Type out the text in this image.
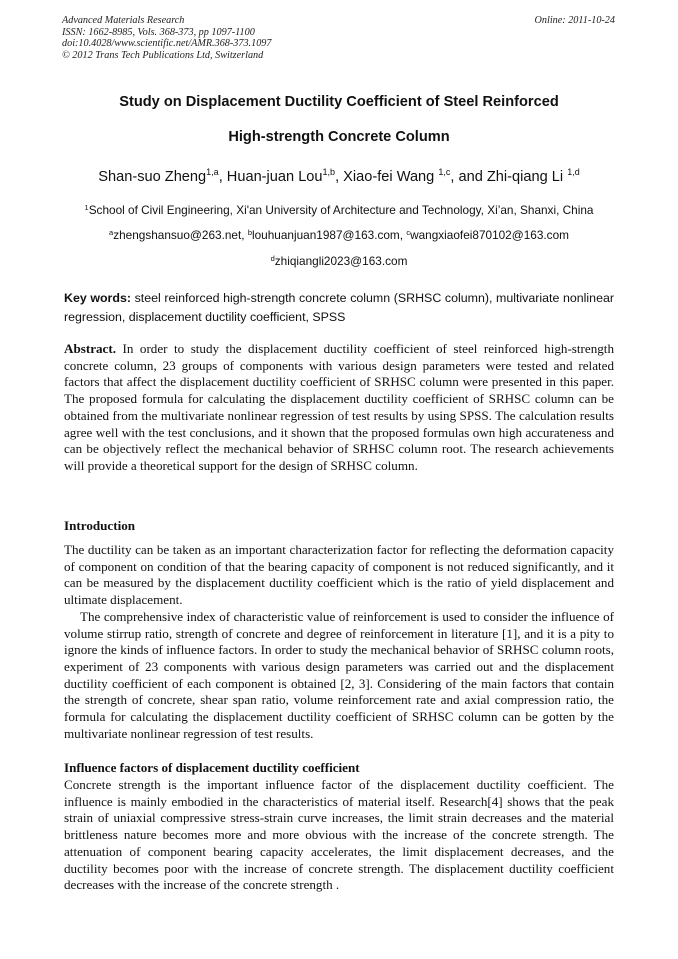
Advanced Materials Research
ISSN: 1662-8985, Vols. 368-373, pp 1097-1100
doi:10.4028/www.scientific.net/AMR.368-373.1097
© 2012 Trans Tech Publications Ltd, Switzerland
Online: 2011-10-24
Study on Displacement Ductility Coefficient of Steel Reinforced
High-strength Concrete Column
Shan-suo Zheng$^{1,a}$, Huan-juan Lou$^{1,b}$, Xiao-fei Wang $^{1,c}$, and Zhi-qiang Li $^{1,d}$
$^1$School of Civil Engineering, Xi'an University of Architecture and Technology, Xi’an, Shanxi, China
$^a$zhengshansuo@263.net, $^b$louhuanjuan1987@163.com, $^c$wangxiaofei870102@163.com
$^d$zhiqiangli2023@163.com
Key words: steel reinforced high-strength concrete column (SRHSC column), multivariate nonlinear regression, displacement ductility coefficient, SPSS
Abstract. In order to study the displacement ductility coefficient of steel reinforced high-strength concrete column, 23 groups of components with various design parameters were tested and related factors that affect the displacement ductility coefficient of SRHSC column were presented in this paper. The proposed formula for calculating the displacement ductility coefficient of SRHSC column can be obtained from the multivariate nonlinear regression of test results by using SPSS. The calculation results agree well with the test conclusions, and it shown that the proposed formulas own high accurateness and can be objectively reflect the mechanical behavior of SRHSC column root. The research achievements will provide a theoretical support for the design of SRHSC column.
Introduction

The ductility can be taken as an important characterization factor for reflecting the deformation capacity of component on condition of that the bearing capacity of component is not reduced significantly, and it can be measured by the displacement ductility coefficient which is the ratio of yield displacement and ultimate displacement.

The comprehensive index of characteristic value of reinforcement is used to consider the influence of volume stirrup ratio, strength of concrete and degree of reinforcement in literature [1], and it is a pity to ignore the kinds of influence factors. In order to study the mechanical behavior of SRHSC column roots, experiment of 23 components with various design parameters was carried out and the displacement ductility coefficient of each component is obtained [2, 3]. Considering of the main factors that contain the strength of concrete, shear span ratio, volume reinforcement rate and axial compression ratio, the formula for calculating the displacement ductility coefficient of SRHSC column can be gotten by the multivariate nonlinear regression of test results.

Influence factors of displacement ductility coefficient

Concrete strength is the important influence factor of the displacement ductility coefficient. The influence is mainly embodied in the characteristics of material itself. Research[4] shows that the peak strain of uniaxial compressive stress-strain curve increases, the limit strain decreases and the material brittleness nature becomes more and more obvious with the increase of the concrete strength. The attenuation of component bearing capacity accelerates, the limit displacement decreases, and the ductility becomes poor with the increase of concrete strength. The displacement ductility coefficient decreases with the increase of the concrete strength .
